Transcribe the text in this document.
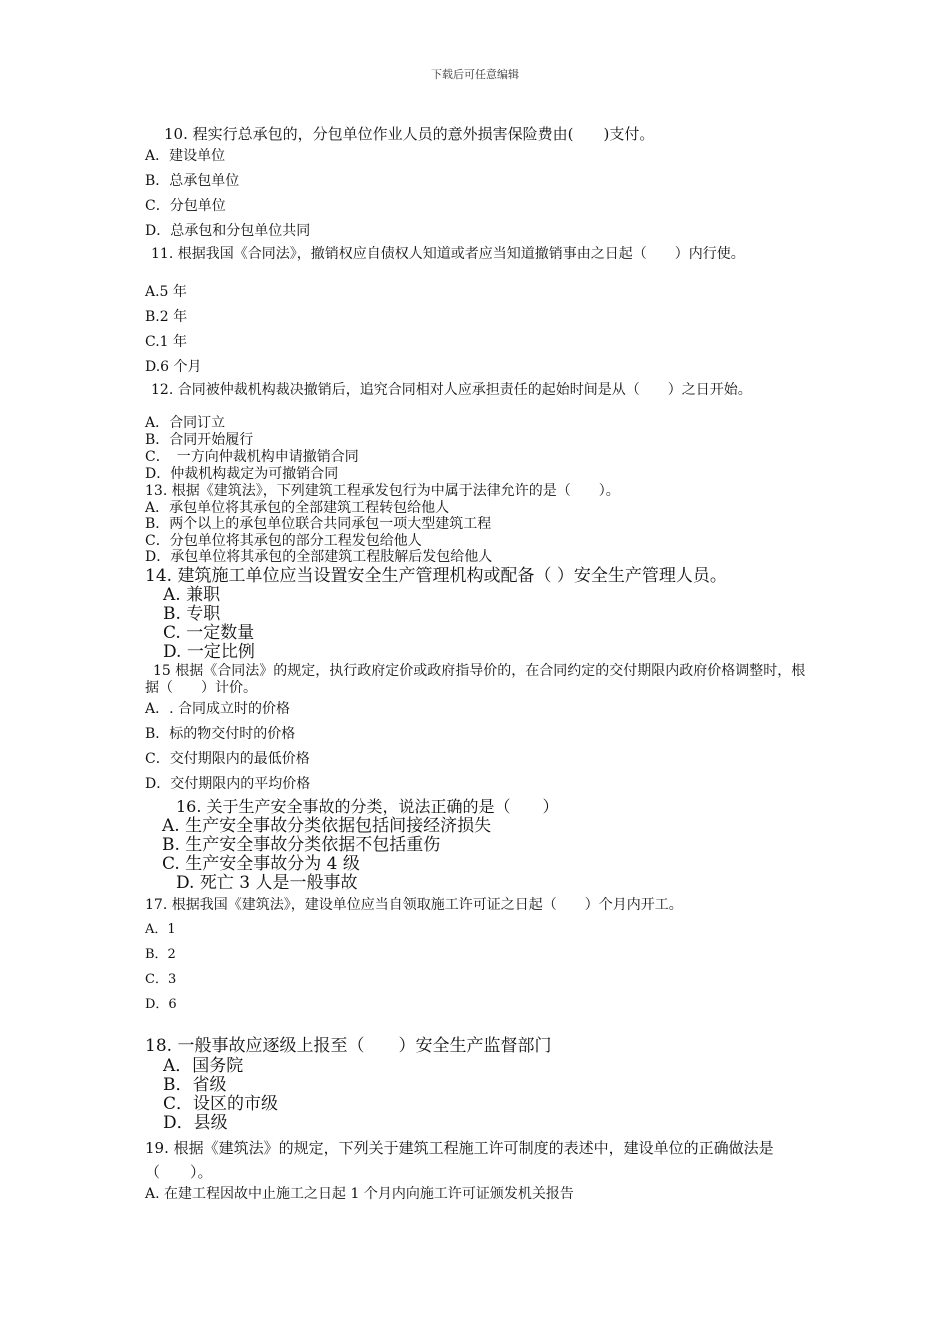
下载后可任意编辑
10. 程实行总承包的，分包单位作业人员的意外损害保险费由(　　)支付。
A．建设单位
B．总承包单位
C．分包单位
D．总承包和分包单位共同
11. 根据我国《合同法》，撤销权应自债权人知道或者应当知道撤销事由之日起（　　）内行使。
A.5 年
B.2 年
C.1 年
D.6 个月
12. 合同被仲裁机构裁决撤销后，追究合同相对人应承担责任的起始时间是从（　　）之日开始。
A．合同订立
B．合同开始履行
C．　一方向仲裁机构申请撤销合同
D．仲裁机构裁定为可撤销合同
13. 根据《建筑法》，下列建筑工程承发包行为中属于法律允许的是（　　）。
A．承包单位将其承包的全部建筑工程转包给他人
B．两个以上的承包单位联合共同承包一项大型建筑工程
C．分包单位将其承包的部分工程发包给他人
D．承包单位将其承包的全部建筑工程肢解后发包给他人
14. 建筑施工单位应当设置安全生产管理机构或配备（ ）安全生产管理人员。
A. 兼职
B. 专职
C. 一定数量
D. 一定比例
15 根据《合同法》的规定，执行政府定价或政府指导价的，在合同约定的交付期限内政府价格调整时，根据（　　）计价。
A．. 合同成立时的价格
B．标的物交付时的价格
C．交付期限内的最低价格
D．交付期限内的平均价格
16. 关于生产安全事故的分类，说法正确的是（　　）
A. 生产安全事故分类依据包括间接经济损失
B. 生产安全事故分类依据不包括重伤
C. 生产安全事故分为 4 级
D. 死亡 3 人是一般事故
17. 根据我国《建筑法》，建设单位应当自领取施工许可证之日起（　　）个月内开工。
A．1
B．2
C．3
D．6
18. 一般事故应逐级上报至（　　）安全生产监督部门
A．国务院
B．省级
C．设区的市级
D．县级
19. 根据《建筑法》的规定，下列关于建筑工程施工许可制度的表述中，建设单位的正确做法是（　　）。
A. 在建工程因故中止施工之日起 1 个月内向施工许可证颁发机关报告
